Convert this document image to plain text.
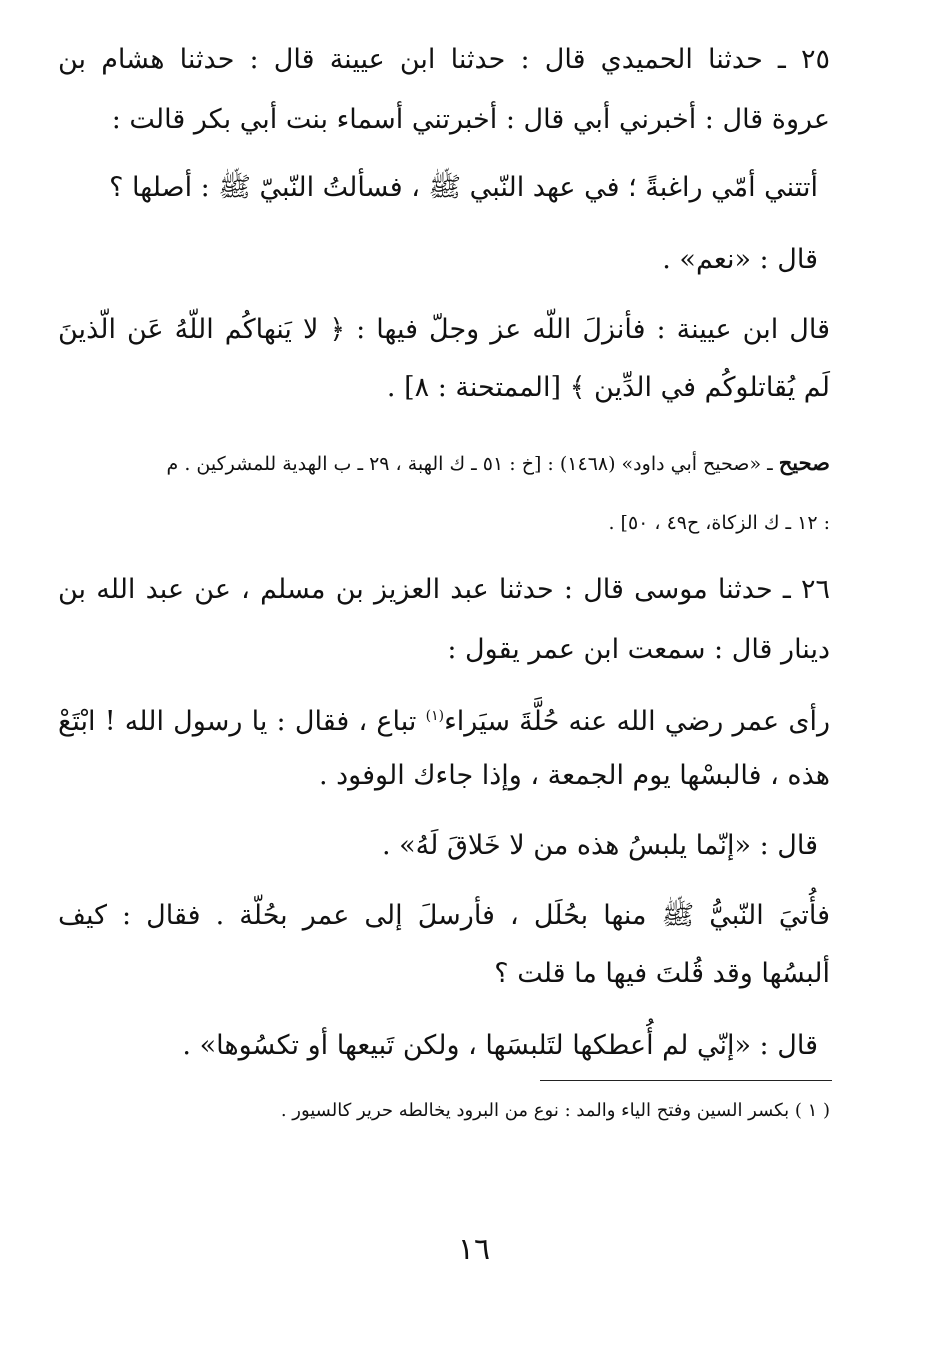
٢٥ ـ حدثنا الحميدي قال : حدثنا ابن عيينة قال : حدثنا هشام بن
عروة قال : أخبرني أبي قال : أخبرتني أسماء بنت أبي بكر قالت :
أتتني أمّي راغبةً ؛ في عهد النّبي ﷺ ، فسألتُ النّبيّ ﷺ : أصلها ؟
قال : «نعم» .
قال ابن عيينة : فأنزلَ اللّه عز وجلّ فيها : ﴿ لا يَنهاكُم اللّهُ عَن الّذينَ
لَم يُقاتلوكُم في الدِّين ﴾ [الممتحنة : ٨] .
صحيح ـ «صحيح أبي داود» (١٤٦٨) : [خ : ٥١ ـ ك الهبة ، ٢٩ ـ ب الهدية للمشركين . م
: ١٢ ـ ك الزكاة، ح٤٩ ، ٥٠] .
٢٦ ـ حدثنا موسى قال : حدثنا عبد العزيز بن مسلم ، عن عبد الله بن
دينار قال : سمعت ابن عمر يقول :
رأى عمر رضي الله عنه حُلَّةَ سيَراء$^{(١)}$ تباع ، فقال : يا رسول الله ! ابْتَعْ
هذه ، فالبسْها يوم الجمعة ، وإذا جاءك الوفود .
قال : «إنّما يلبسُ هذه من لا خَلاقَ لَهُ» .
فأُتيَ النّبيُّ ﷺ منها بحُلَل ، فأرسلَ إلى عمر بحُلّة . فقال : كيف
ألبسُها وقد قُلتَ فيها ما قلت ؟
قال : «إنّي لم أُعطكها لتَلبسَها ، ولكن تَبيعها أو تكسُوها» .
( ١ ) بكسر السين وفتح الياء والمد : نوع من البرود يخالطه حرير كالسيور .
١٦
